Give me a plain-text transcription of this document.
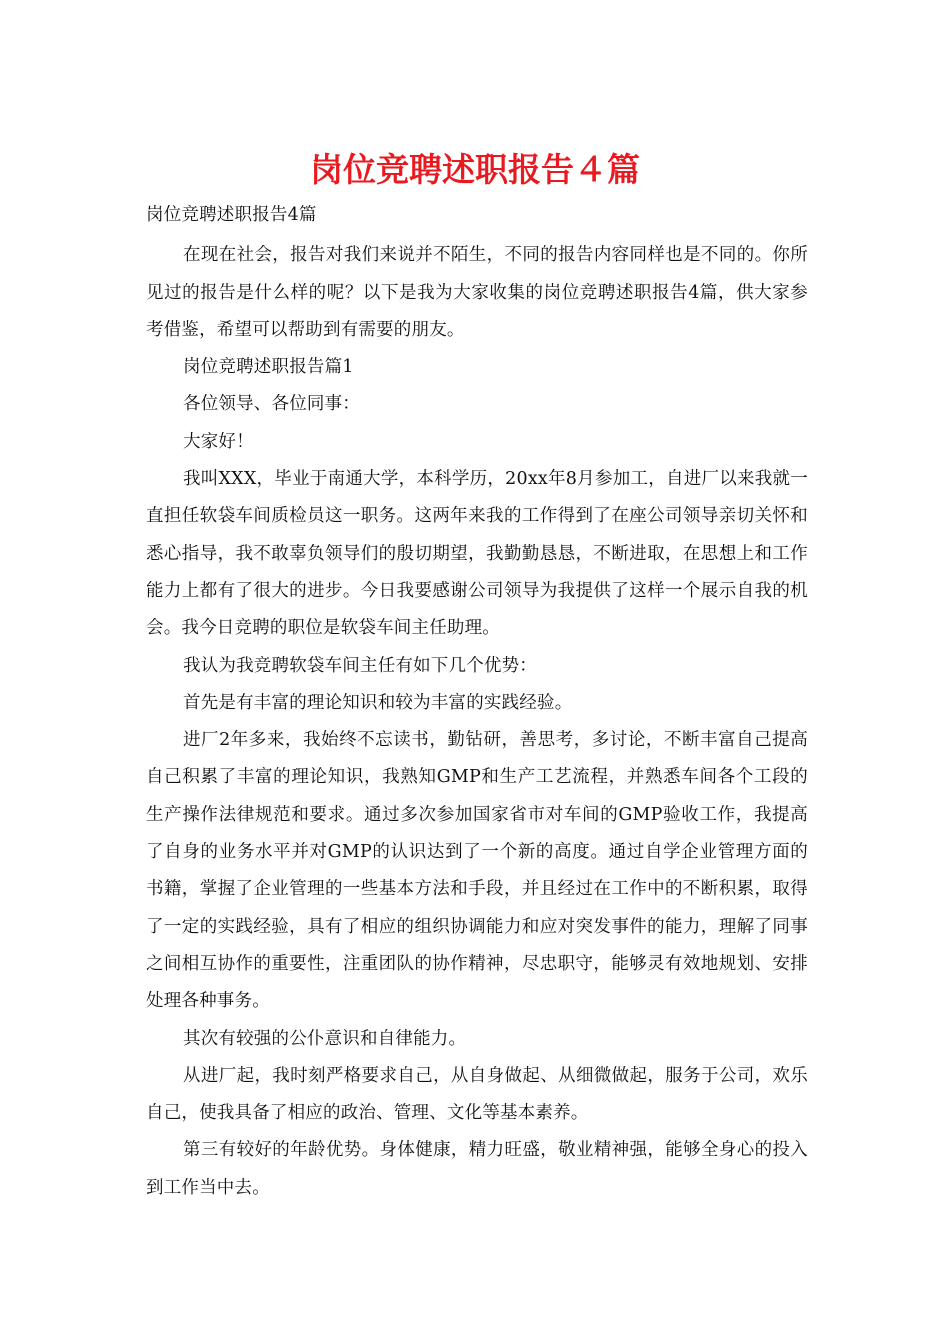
岗位竞聘述职报告４篇

岗位竞聘述职报告4篇

在现在社会，报告对我们来说并不陌生，不同的报告内容同样也是不同的。你所见过的报告是什么样的呢？以下是我为大家收集的岗位竞聘述职报告4篇，供大家参考借鉴，希望可以帮助到有需要的朋友。

岗位竞聘述职报告篇1

各位领导、各位同事：

大家好！

我叫XXX，毕业于南通大学，本科学历，20xx年8月参加工，自进厂以来我就一直担任软袋车间质检员这一职务。这两年来我的工作得到了在座公司领导亲切关怀和悉心指导，我不敢辜负领导们的殷切期望，我勤勤恳恳，不断进取，在思想上和工作能力上都有了很大的进步。今日我要感谢公司领导为我提供了这样一个展示自我的机会。我今日竞聘的职位是软袋车间主任助理。

我认为我竞聘软袋车间主任有如下几个优势：

首先是有丰富的理论知识和较为丰富的实践经验。

进厂2年多来，我始终不忘读书，勤钻研，善思考，多讨论，不断丰富自己提高自己积累了丰富的理论知识，我熟知GMP和生产工艺流程，并熟悉车间各个工段的生产操作法律规范和要求。通过多次参加国家省市对车间的GMP验收工作，我提高了自身的业务水平并对GMP的认识达到了一个新的高度。通过自学企业管理方面的书籍，掌握了企业管理的一些基本方法和手段，并且经过在工作中的不断积累，取得了一定的实践经验，具有了相应的组织协调能力和应对突发事件的能力，理解了同事之间相互协作的重要性，注重团队的协作精神，尽忠职守，能够灵有效地规划、安排处理各种事务。

其次有较强的公仆意识和自律能力。

从进厂起，我时刻严格要求自己，从自身做起、从细微做起，服务于公司，欢乐自己，使我具备了相应的政治、管理、文化等基本素养。

第三有较好的年龄优势。身体健康，精力旺盛，敬业精神强，能够全身心的投入到工作当中去。
